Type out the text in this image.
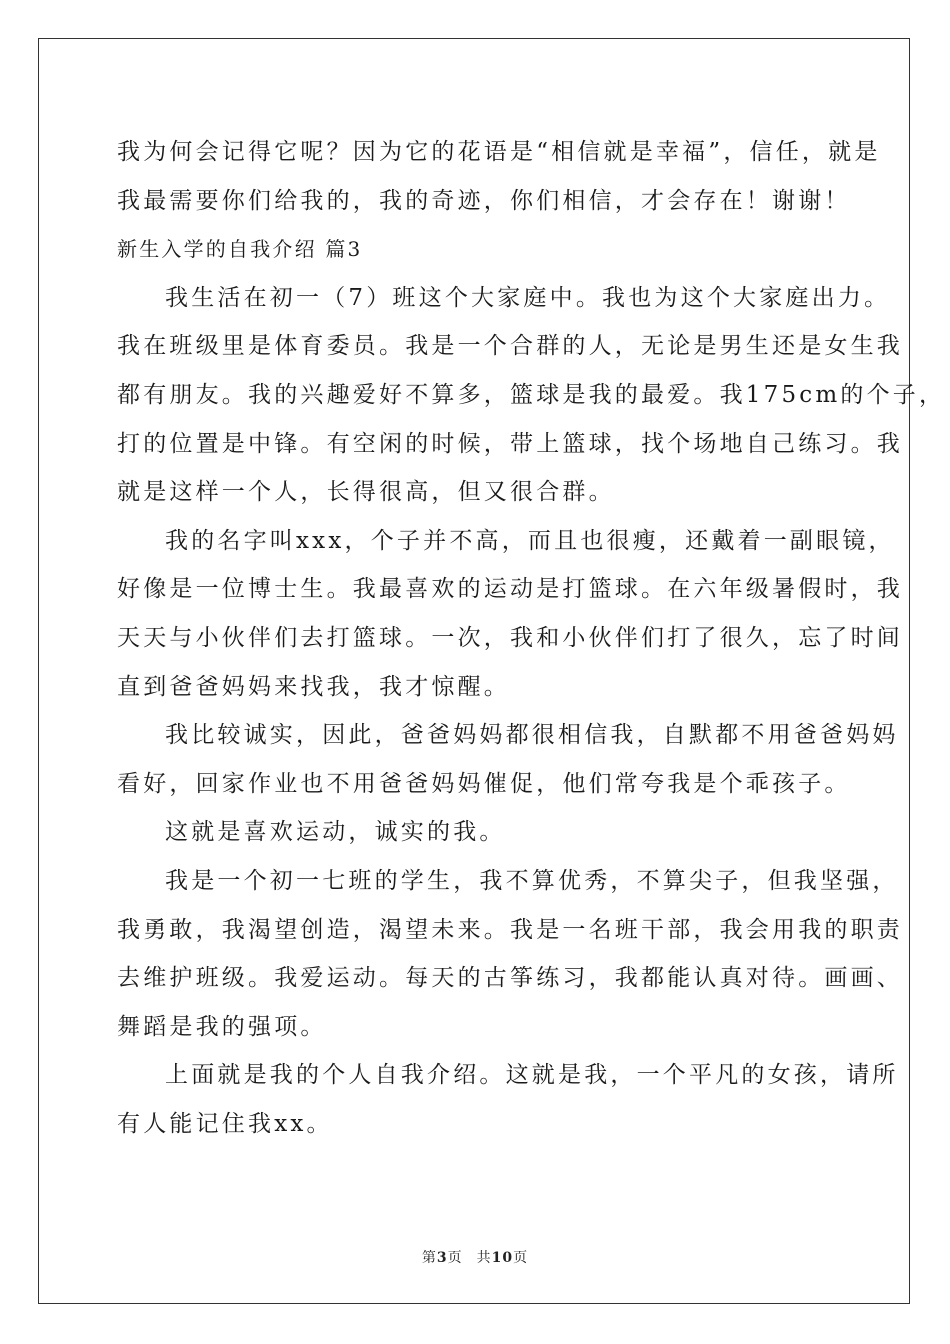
我为何会记得它呢？因为它的花语是“相信就是幸福”，信任，就是
我最需要你们给我的，我的奇迹，你们相信，才会存在！谢谢！
新生入学的自我介绍 篇3
我生活在初一（7）班这个大家庭中。我也为这个大家庭出力。
我在班级里是体育委员。我是一个合群的人，无论是男生还是女生我
都有朋友。我的兴趣爱好不算多，篮球是我的最爱。我175cm的个子，
打的位置是中锋。有空闲的时候，带上篮球，找个场地自己练习。我
就是这样一个人，长得很高，但又很合群。
我的名字叫xxx，个子并不高，而且也很瘦，还戴着一副眼镜，
好像是一位博士生。我最喜欢的运动是打篮球。在六年级暑假时，我
天天与小伙伴们去打篮球。一次，我和小伙伴们打了很久，忘了时间
直到爸爸妈妈来找我，我才惊醒。
我比较诚实，因此，爸爸妈妈都很相信我，自默都不用爸爸妈妈
看好，回家作业也不用爸爸妈妈催促，他们常夸我是个乖孩子。
这就是喜欢运动，诚实的我。
我是一个初一七班的学生，我不算优秀，不算尖子，但我坚强，
我勇敢，我渴望创造，渴望未来。我是一名班干部，我会用我的职责
去维护班级。我爱运动。每天的古筝练习，我都能认真对待。画画、
舞蹈是我的强项。
上面就是我的个人自我介绍。这就是我，一个平凡的女孩，请所
有人能记住我xx。
第3页 共10页
